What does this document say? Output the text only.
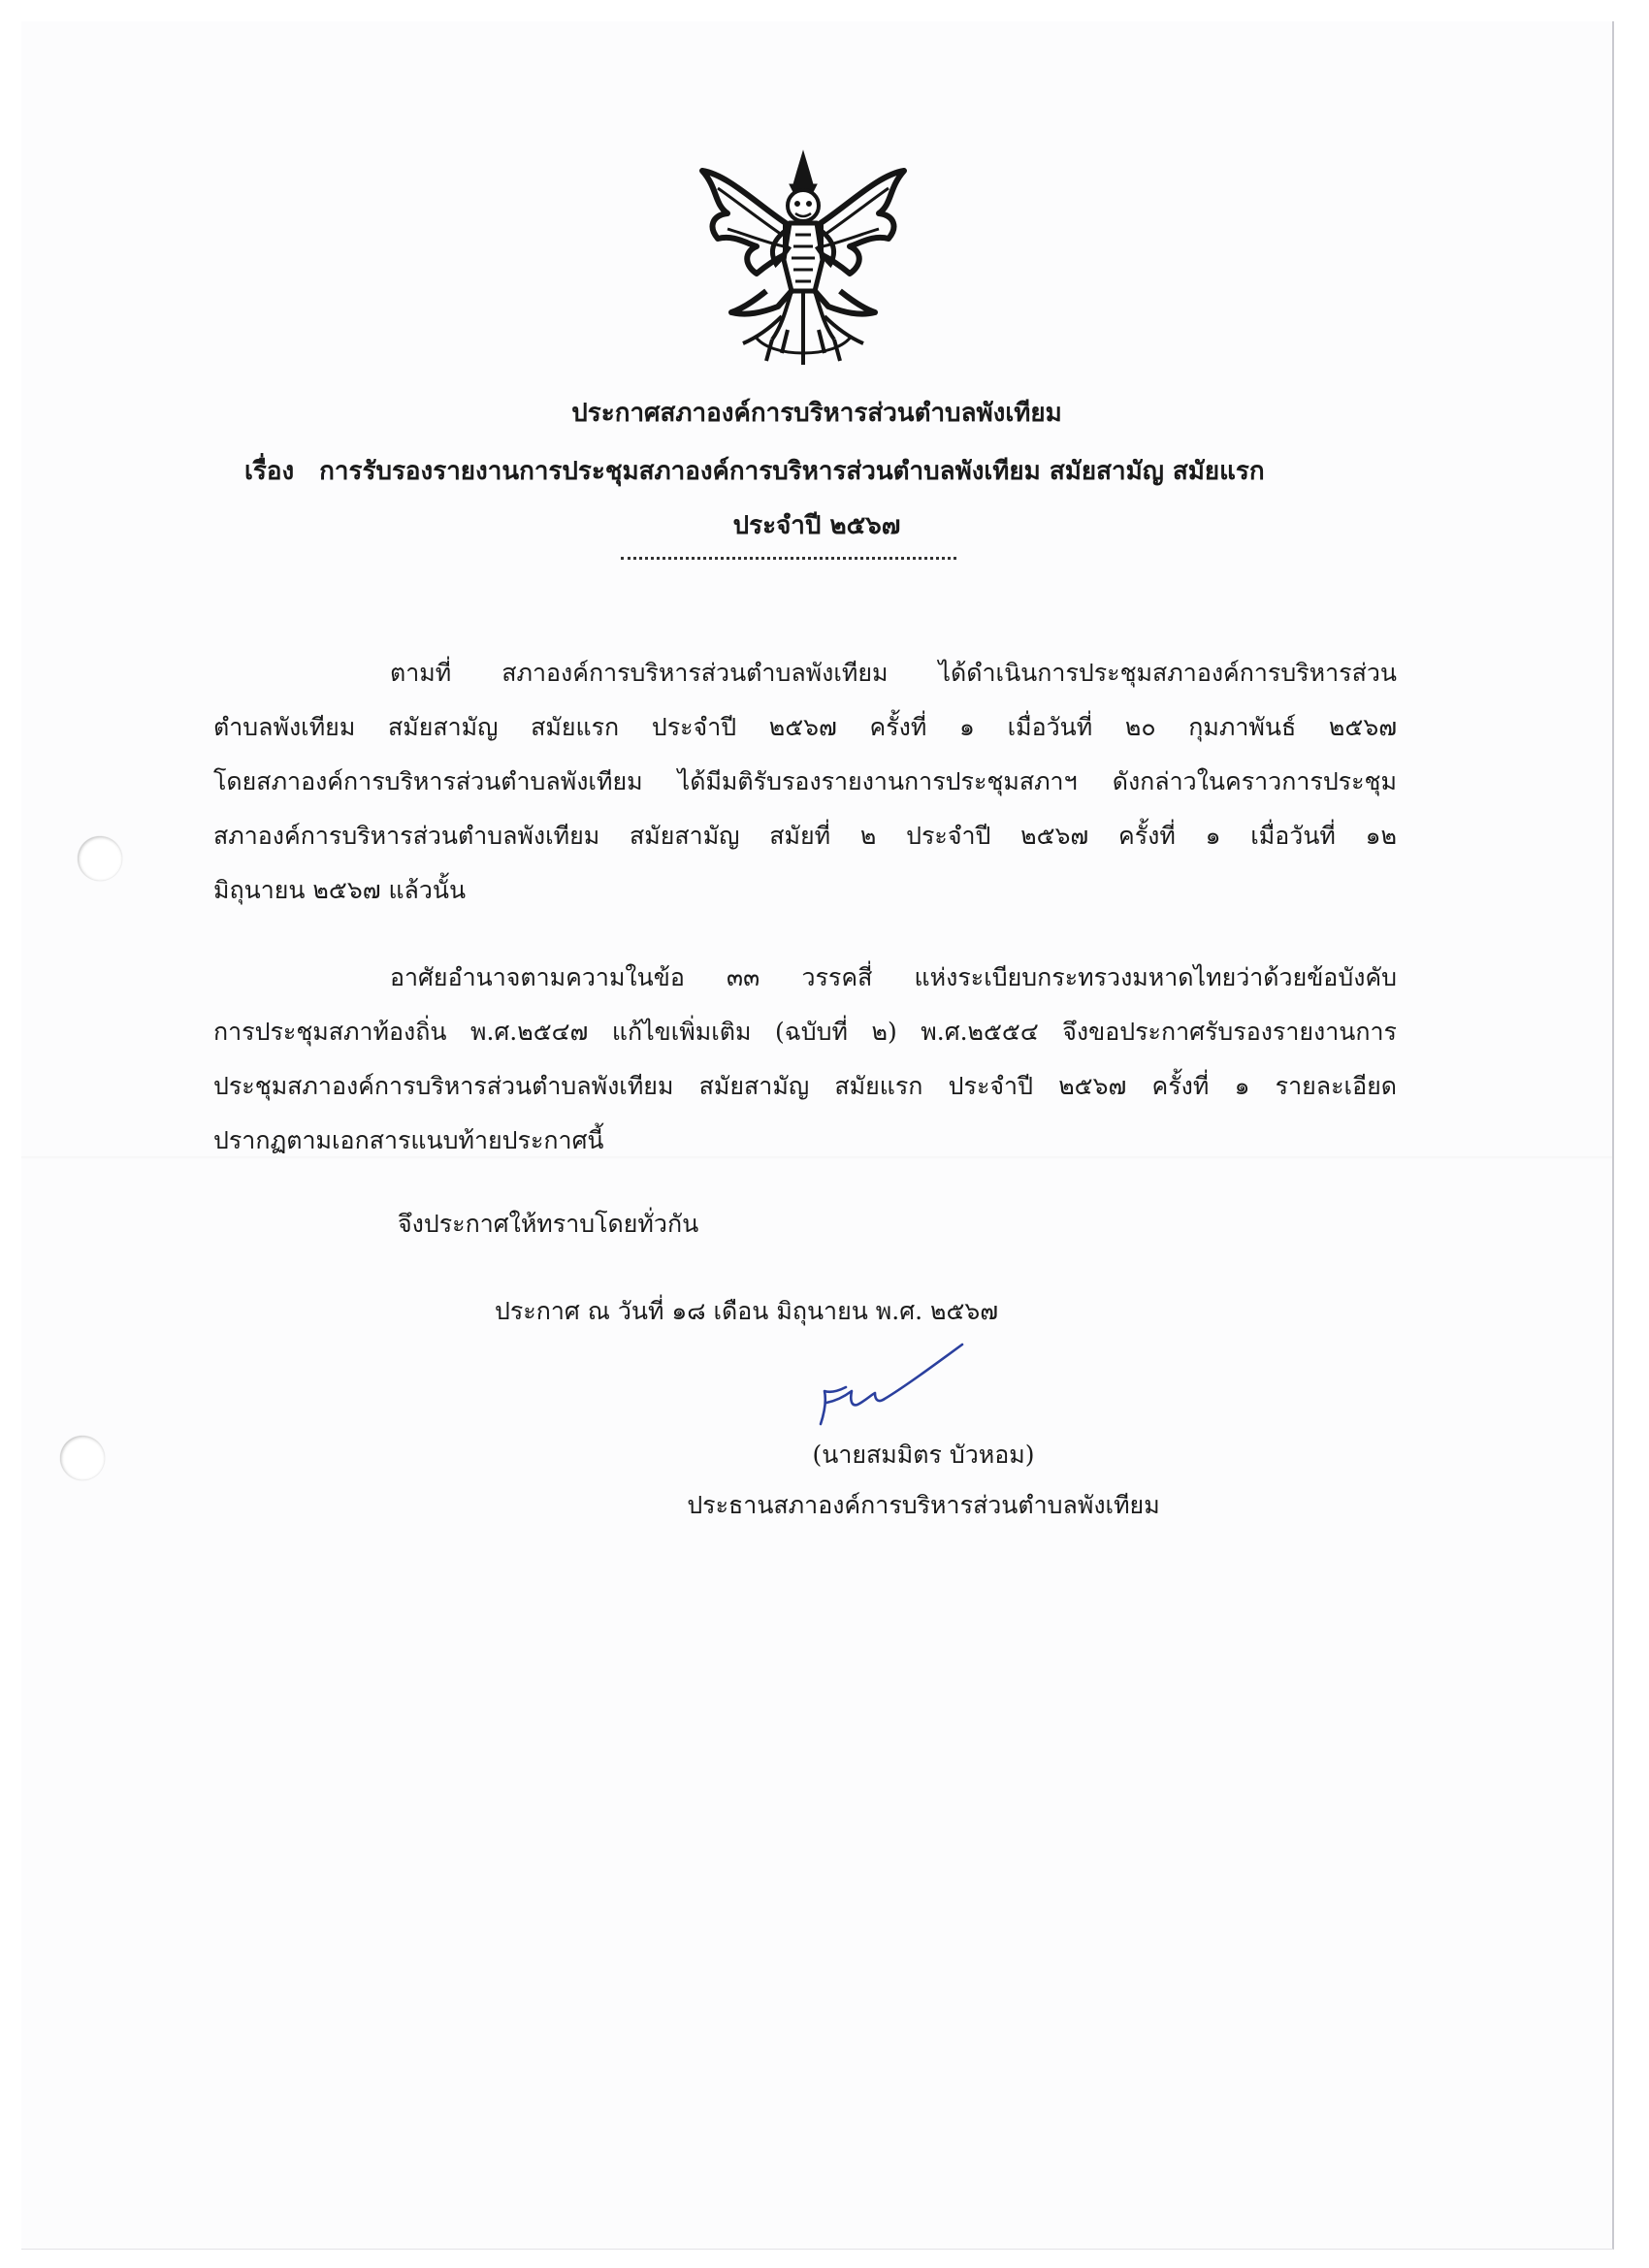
ประกาศสภาองค์การบริหารส่วนตำบลพังเทียม
เรื่อง การรับรองรายงานการประชุมสภาองค์การบริหารส่วนตำบลพังเทียม สมัยสามัญ สมัยแรก
ประจำปี ๒๕๖๗
ตามที่ สภาองค์การบริหารส่วนตำบลพังเทียม ได้ดำเนินการประชุมสภาองค์การบริหารส่วน
ตำบลพังเทียม สมัยสามัญ สมัยแรก ประจำปี ๒๕๖๗ ครั้งที่ ๑ เมื่อวันที่ ๒๐ กุมภาพันธ์ ๒๕๖๗
โดยสภาองค์การบริหารส่วนตำบลพังเทียม ได้มีมติรับรองรายงานการประชุมสภาฯ ดังกล่าวในคราวการประชุม
สภาองค์การบริหารส่วนตำบลพังเทียม สมัยสามัญ สมัยที่ ๒ ประจำปี ๒๕๖๗ ครั้งที่ ๑ เมื่อวันที่ ๑๒
มิถุนายน ๒๕๖๗ แล้วนั้น
อาศัยอำนาจตามความในข้อ ๓๓ วรรคสี่ แห่งระเบียบกระทรวงมหาดไทยว่าด้วยข้อบังคับ
การประชุมสภาท้องถิ่น พ.ศ.๒๕๔๗ แก้ไขเพิ่มเติม (ฉบับที่ ๒) พ.ศ.๒๕๕๔ จึงขอประกาศรับรองรายงานการ
ประชุมสภาองค์การบริหารส่วนตำบลพังเทียม สมัยสามัญ สมัยแรก ประจำปี ๒๕๖๗ ครั้งที่ ๑ รายละเอียด
ปรากฏตามเอกสารแนบท้ายประกาศนี้
จึงประกาศให้ทราบโดยทั่วกัน
ประกาศ ณ วันที่ ๑๘ เดือน มิถุนายน พ.ศ. ๒๕๖๗
(นายสมมิตร บัวหอม)
ประธานสภาองค์การบริหารส่วนตำบลพังเทียม
